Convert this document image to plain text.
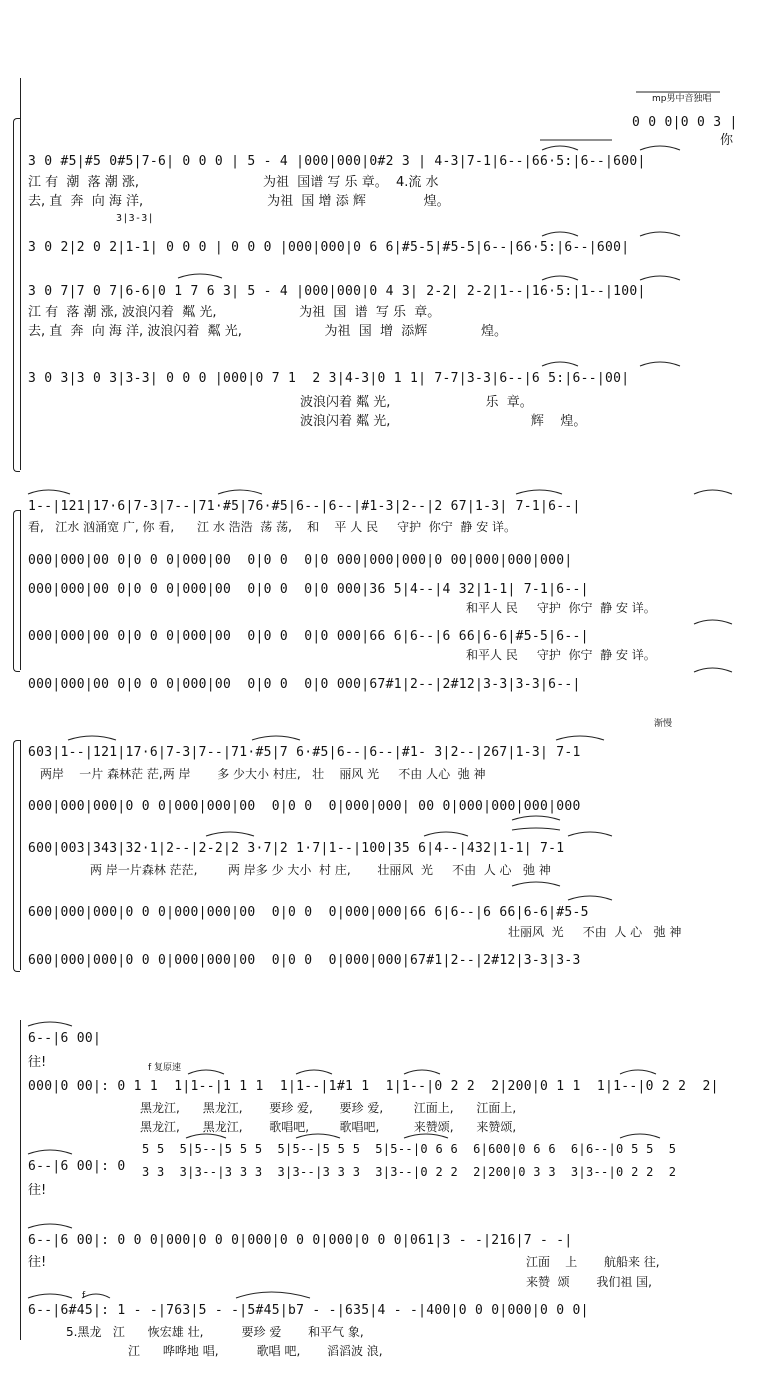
mp男中音独唱
0 0 0|0 0 3 |
你
3 0 #5|#5 0#5|7-6| 0 0 0 | 5 - 4 |000|000|0#2 3 | 4-3|7-1|6--|66·5:|6--|600|
江 有  潮  落 潮 涨,                              为祖  国谱 写 乐 章。  4.流 水
去, 直  奔  向 海 洋,                              为祖  国 增 添 辉              煌。
3|3-3|
3 0 2|2 0 2|1-1| 0 0 0 | 0 0 0 |000|000|0 6 6|#5-5|#5-5|6--|66·5:|6--|600|
3 0 7|7 0 7|6-6|0 1 7 6 3| 5 - 4 |000|000|0 4 3| 2-2| 2-2|1--|16·5:|1--|100|
江 有  落 潮 涨, 波浪闪着  粼 光,                    为祖  国  谱  写 乐  章。
去, 直  奔  向 海 洋, 波浪闪着  粼 光,                    为祖  国  增  添辉             煌。
3 0 3|3 0 3|3-3| 0 0 0 |000|0 7 1  2 3|4-3|0 1 1| 7-7|3-3|6--|6 5:|6--|00|
波浪闪着 粼 光,                       乐  章。
波浪闪着 粼 光,                                  辉    煌。
1--|121|17·6|7-3|7--|71·#5|76·#5|6--|6--|#1-3|2--|2 67|1-3| 7-1|6--|
看,   江水 汹涌宽 广, 你 看,      江 水 浩浩  荡 荡,    和    平 人 民     守护  你宁  静 安 详。
000|000|00 0|0 0 0|000|00  0|0 0  0|0 000|000|000|0 00|000|000|000|
000|000|00 0|0 0 0|000|00  0|0 0  0|0 000|36 5|4--|4 32|1-1| 7-1|6--|
和平人 民     守护  你宁  静 安 详。
000|000|00 0|0 0 0|000|00  0|0 0  0|0 000|66 6|6--|6 66|6-6|#5-5|6--|
和平人 民     守护  你宁  静 安 详。
000|000|00 0|0 0 0|000|00  0|0 0  0|0 000|67#1|2--|2#12|3-3|3-3|6--|
渐慢
603|1--|121|17·6|7-3|7--|71·#5|7 6·#5|6--|6--|#1- 3|2--|267|1-3| 7-1
两岸    一片 森林茫 茫,两 岸       多 少大小 村庄,   壮    丽风 光     不由 人心  弛 神
000|000|000|0 0 0|000|000|00  0|0 0  0|000|000| 00 0|000|000|000|000
600|003|343|32·1|2--|2-2|2 3·7|2 1·7|1--|100|35 6|4--|432|1-1| 7-1
两 岸一片森林 茫茫,        两 岸多 少 大小  村 庄,       壮丽风  光     不由  人 心   弛 神
600|000|000|0 0 0|000|000|00  0|0 0  0|000|000|66 6|6--|6 66|6-6|#5-5
壮丽风  光     不由  人 心   弛 神
600|000|000|0 0 0|000|000|00  0|0 0  0|000|000|67#1|2--|2#12|3-3|3-3
6--|6 00|
往!	f 复原速
000|0 00|: 0 1 1  1|1--|1 1 1  1|1--|1#1 1  1|1--|0 2 2  2|200|0 1 1  1|1--|0 2 2  2|
黑龙江,      黑龙江,       要珍 爱,       要珍 爱,        江面上,      江面上,
黑龙江,      黑龙江,       歌唱吧,        歌唱吧,         来赞颂,      来赞颂,
6--|6 00|: 0
5 5  5|5--|5 5 5  5|5--|5 5 5  5|5--|0 6 6  6|600|0 6 6  6|6--|0 5 5  5
3 3  3|3--|3 3 3  3|3--|3 3 3  3|3--|0 2 2  2|200|0 3 3  3|3--|0 2 2  2
往!
6--|6 00|: 0 0 0|000|0 0 0|000|0 0 0|000|0 0 0|061|3 - -|216|7 - -|
往!	江面    上       航船来 往,
来赞  颂       我们祖 国,
f
6--|6#45|: 1 - -|763|5 - -|5#45|b7 - -|635|4 - -|400|0 0 0|000|0 0 0|
5.黑龙   江      恢宏雄 壮,          要珍 爱       和平气 象,
江      哗哗地 唱,          歌唱 吧,       滔滔波 浪,
